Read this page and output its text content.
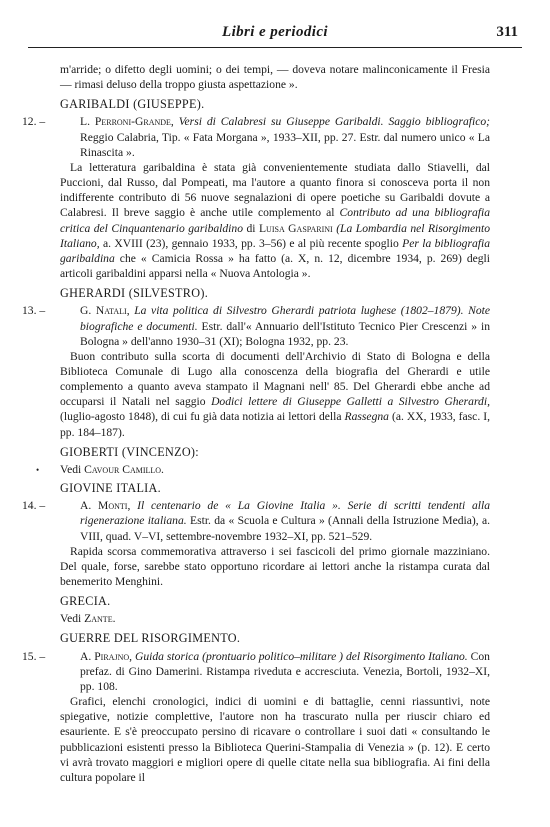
Libri e periodici	311

m'arride; o difetto degli uomini; o dei tempi, — doveva notare malinconicamente il Fresia — rimasi deluso della troppo giusta aspettazione ».

GARIBALDI (GIUSEPPE).
12. –	L. Perroni-Grande, Versi di Calabresi su Giuseppe Garibaldi. Saggio bibliografico; Reggio Calabria, Tip. « Fata Morgana », 1933–XII, pp. 27. Estr. dal numero unico « La Rinascita ».

La letteratura garibaldina è stata già convenientemente studiata dallo Stiavelli, dal Puccioni, dal Russo, dal Pompeati, ma l'autore a quanto finora si conosceva porta il non indifferente contributo di 56 nuove segnalazioni di opere poetiche su Garibaldi dovute a Calabresi. Il breve saggio è anche utile complemento al Contributo ad una bibliografia critica del Cinquantenario garibaldino di Luisa Gasparini (La Lombardia nel Risorgimento Italiano, a. XVIII (23), gennaio 1933, pp. 3–56) e al più recente spoglio Per la bibliografia garibaldina che « Camicia Rossa » ha fatto (a. X, n. 12, dicembre 1934, p. 269) degli articoli garibaldini apparsi nella « Nuova Antologia ».

GHERARDI (SILVESTRO).
13. –	G. Natali, La vita politica di Silvestro Gherardi patriota lughese (1802–1879). Note biografiche e documenti. Estr. dall'« Annuario dell'Istituto Tecnico Pier Crescenzi » in Bologna » dell'anno 1930–31 (XI); Bologna 1932, pp. 23.

Buon contributo sulla scorta di documenti dell'Archivio di Stato di Bologna e della Biblioteca Comunale di Lugo alla conoscenza della biografia del Gherardi e utile complemento a quanto aveva stampato il Magnani nell' 85. Del Gherardi ebbe anche ad occuparsi il Natali nel saggio Dodici lettere di Giuseppe Galletti a Silvestro Gherardi, (luglio-agosto 1848), di cui fu già data notizia ai lettori della Rassegna (a. XX, 1933, fasc. I, pp. 184–187).

GIOBERTI (VINCENZO):

• Vedi Cavour Camillo.

GIOVINE ITALIA.
14. –	A. Monti, Il centenario de « La Giovine Italia ». Serie di scritti tendenti alla rigenerazione italiana. Estr. da « Scuola e Cultura » (Annali della Istruzione Media), a. VIII, quad. V–VI, settembre-novembre 1932–XI, pp. 521–529.

Rapida scorsa commemorativa attraverso i sei fascicoli del primo giornale mazziniano. Del quale, forse, sarebbe stato opportuno ricordare ai lettori anche la ristampa curata dal benemerito Menghini.

GRECIA.

Vedi Zante.

GUERRE DEL RISORGIMENTO.
15. –	A. Pirajno, Guida storica (prontuario politico–militare ) del Risorgimento Italiano. Con prefaz. di Gino Damerini. Ristampa riveduta e accresciuta. Venezia, Bortoli, 1932–XI, pp. 108.

Grafici, elenchi cronologici, indici di uomini e di battaglie, cenni riassuntivi, note spiegative, notizie complettive, l'autore non ha trascurato nulla per riuscir chiaro ed esauriente. E s'è preoccupato persino di ricavare o controllare i suoi dati « consultando le pubblicazioni esistenti presso la Biblioteca Querini-Stampalia di Venezia » (p. 12). E certo vi avrà trovato maggiori e migliori opere di quelle citate nella sua bibliografia. Ai fini della cultura popolare il
